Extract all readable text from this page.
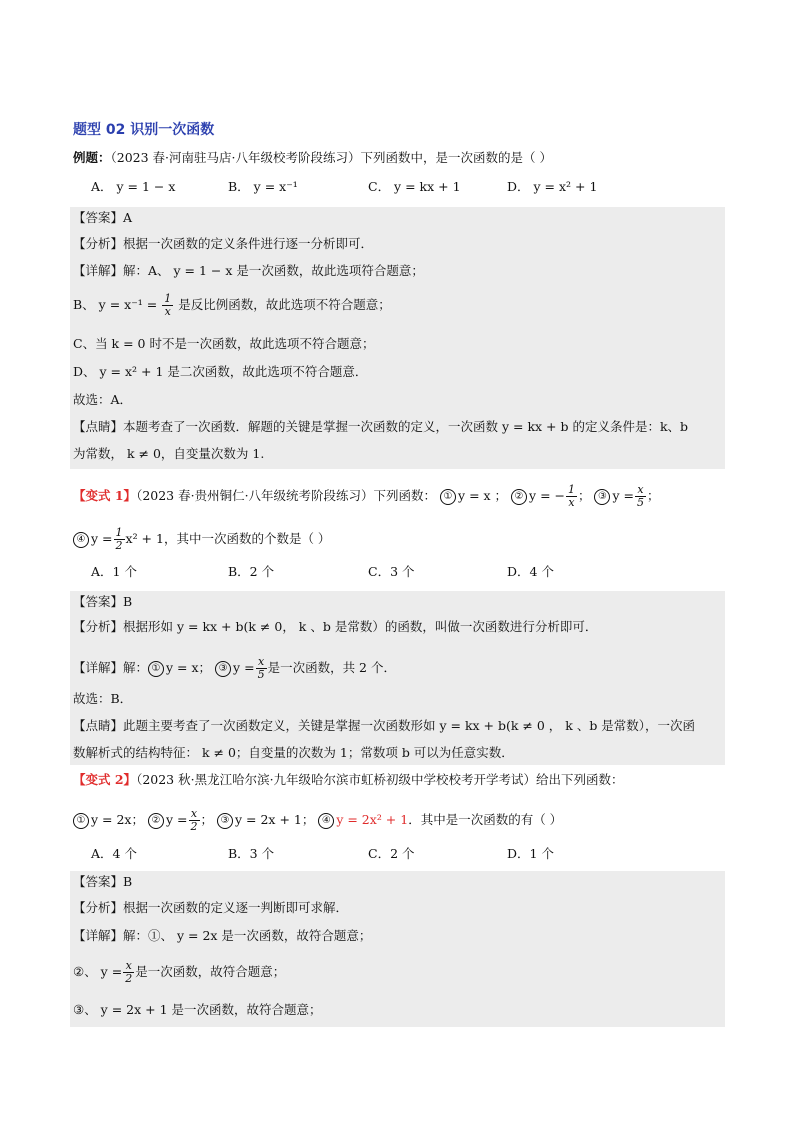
题型 02 识别一次函数
例题：（2023 春·河南驻马店·八年级校考阶段练习）下列函数中，是一次函数的是（ ）
A． y = 1 − x	B． y = x⁻¹	C． y = kx + 1	D． y = x² + 1
【答案】A
【分析】根据一次函数的定义条件进行逐一分析即可．
【详解】解：A、 y = 1 − x 是一次函数，故此选项符合题意；
B、 $y = x^{-1} = \frac{1}{x}$ 是反比例函数，故此选项不符合题意；
C、当 k = 0 时不是一次函数，故此选项不符合题意；
D、 y = x² + 1 是二次函数，故此选项不符合题意．
故选：A．
【点睛】本题考查了一次函数．解题的关键是掌握一次函数的定义，一次函数 y = kx + b 的定义条件是：k、b
为常数， k ≠ 0，自变量次数为 1.
【变式 1】（2023 春·贵州铜仁·八年级统考阶段练习）下列函数： ① y = x ； ② y = − $\frac{1}{x}$ ； ③ $y = \frac{x}{5}$ ；
④ $y = \frac{1}{2} x^2 + 1$，其中一次函数的个数是（ ）
A．1 个	B．2 个	C．3 个	D．4 个
【答案】B
【分析】根据形如 y = kx + b(k ≠ 0， k 、b 是常数）的函数，叫做一次函数进行分析即可．
【详解】解： ① y = x； ③ $y = \frac{x}{5}$ 是一次函数，共 2 个．
故选：B．
【点睛】此题主要考查了一次函数定义，关键是掌握一次函数形如 y = kx + b(k ≠ 0 ， k 、b 是常数），一次函
数解析式的结构特征： k ≠ 0；自变量的次数为 1；常数项 b 可以为任意实数．
【变式 2】（2023 秋·黑龙江哈尔滨·九年级哈尔滨市虹桥初级中学校校考开学考试）给出下列函数：
① y = 2x； ② $y = \frac{x}{2}$ ； ③ y = 2x + 1； ④ y = 2x² + 1．其中是一次函数的有（ ）
A．4 个	B．3 个	C．2 个	D．1 个
【答案】B
【分析】根据一次函数的定义逐一判断即可求解．
【详解】解：①、 y = 2x 是一次函数，故符合题意；
②、 $y = \frac{x}{2}$ 是一次函数，故符合题意；
③、 y = 2x + 1 是一次函数，故符合题意；
